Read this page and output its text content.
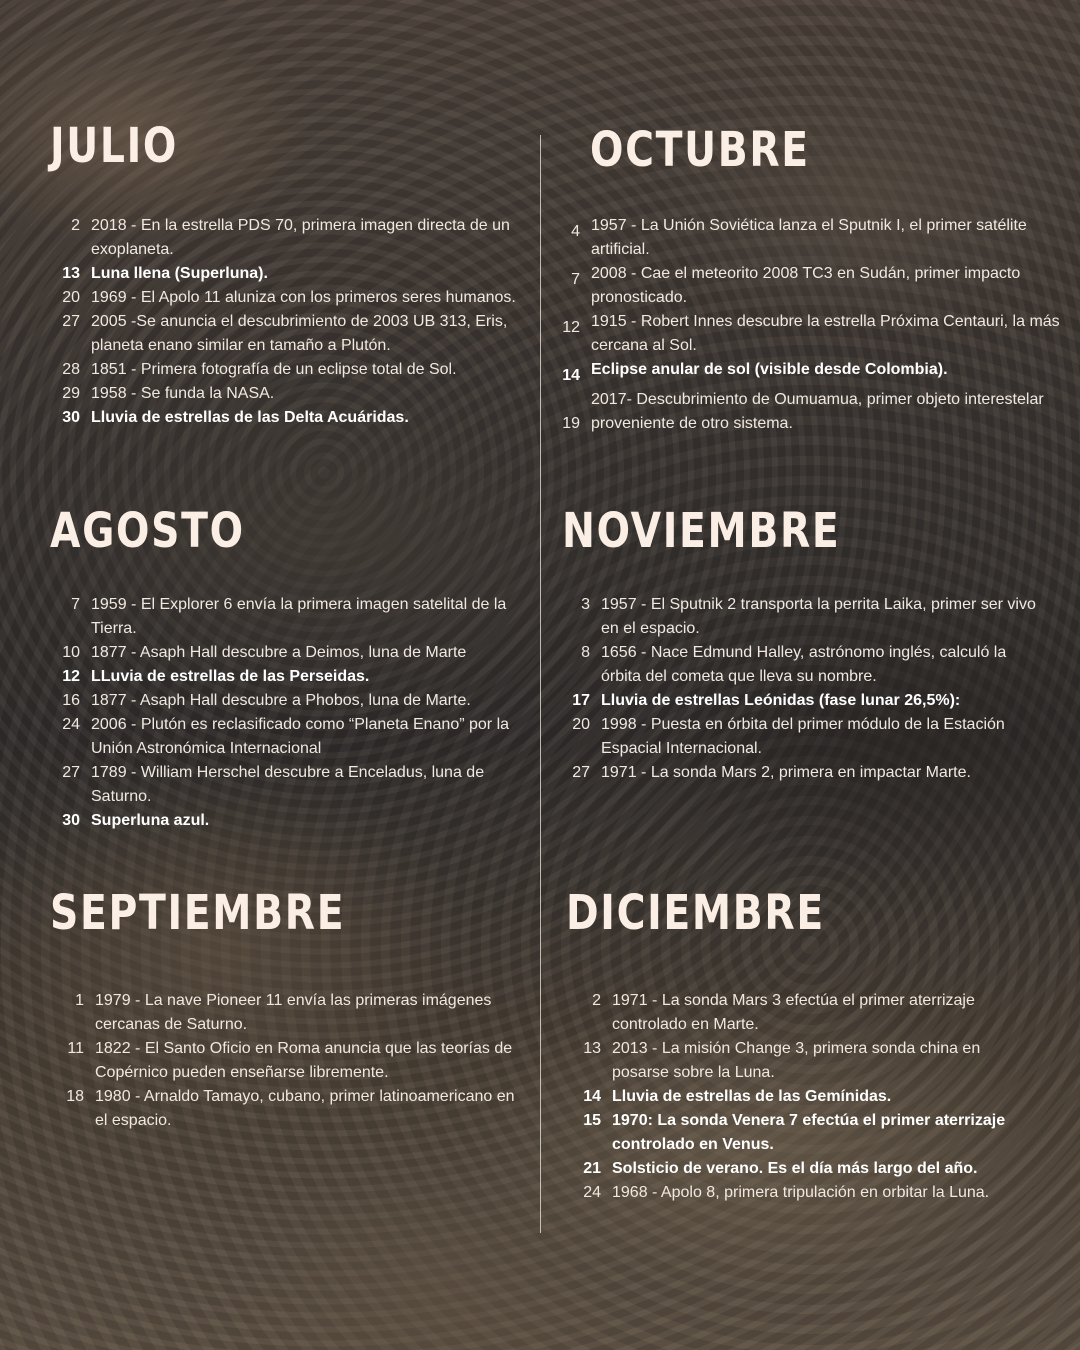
JULIO
2 2018 - En la estrella PDS 70, primera imagen directa de un exoplaneta.
13 Luna llena (Superluna).
20 1969 - El Apolo 11 aluniza con los primeros seres humanos.
27 2005 -Se anuncia el descubrimiento de 2003 UB 313, Eris, planeta enano similar en tamaño a Plutón.
28 1851 - Primera fotografía de un eclipse total de Sol.
29 1958 - Se funda la NASA.
30 Lluvia de estrellas de las Delta Acuáridas.
AGOSTO
7 1959 - El Explorer 6 envía la primera imagen satelital de la Tierra.
10 1877 - Asaph Hall descubre a Deimos, luna de Marte
12 LLuvia de estrellas de las Perseidas.
16 1877 - Asaph Hall descubre a Phobos, luna de Marte.
24 2006 - Plutón es reclasificado como “Planeta Enano” por la Unión Astronómica Internacional
27 1789 - William Herschel descubre a Enceladus, luna de Saturno.
30 Superluna azul.
SEPTIEMBRE
1 1979 - La nave Pioneer 11 envía las primeras imágenes cercanas de Saturno.
11 1822 - El Santo Oficio en Roma anuncia que las teorías de Copérnico pueden enseñarse libremente.
18 1980 - Arnaldo Tamayo, cubano, primer latinoamericano en el espacio.
OCTUBRE
4 1957 - La Unión Soviética lanza el Sputnik I, el primer satélite artificial.
7 2008 - Cae el meteorito 2008 TC3 en Sudán, primer impacto pronosticado.
12 1915 - Robert Innes descubre la estrella Próxima Centauri, la más cercana al Sol.
14 Eclipse anular de sol (visible desde Colombia).
19
2017- Descubrimiento de Oumuamua, primer objeto interestelar proveniente de otro sistema.
NOVIEMBRE
3 1957 - El Sputnik 2 transporta la perrita Laika, primer ser vivo en el espacio.
8 1656 - Nace Edmund Halley, astrónomo inglés, calculó la órbita del cometa que lleva su nombre.
17 Lluvia de estrellas Leónidas (fase lunar 26,5%):
20 1998 - Puesta en órbita del primer módulo de la Estación Espacial Internacional.
27 1971 - La sonda Mars 2, primera en impactar Marte.
DICIEMBRE
2 1971 - La sonda Mars 3 efectúa el primer aterrizaje controlado en Marte.
13 2013 - La misión Change 3, primera sonda china en posarse sobre la Luna.
14 Lluvia de estrellas de las Gemínidas.
15 1970: La sonda Venera 7 efectúa el primer aterrizaje controlado en Venus.
21 Solsticio de verano. Es el día más largo del año.
24 1968 - Apolo 8, primera tripulación en orbitar la Luna.
